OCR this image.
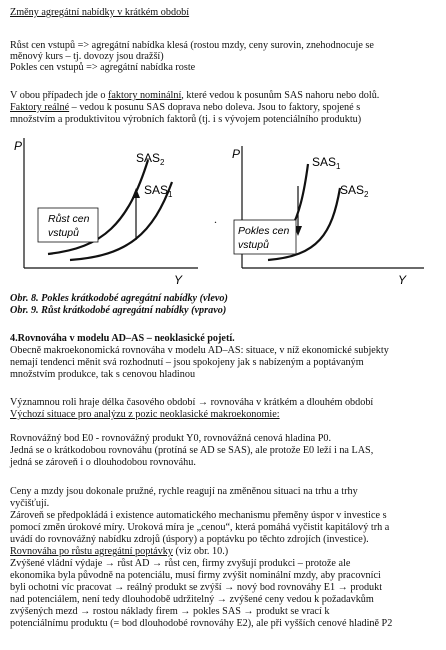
Změny agregátní nabídky v krátkém období
Růst cen vstupů => agregátní nabídka klesá (rostou mzdy, ceny surovin, znehodnocuje se
měnový kurs – tj. dovozy jsou dražší)
Pokles cen vstupů => agregátní nabídka roste
V obou případech jde o faktory nominální, které vedou k posunům SAS nahoru nebo dolů.
Faktory reálné – vedou k posunu SAS doprava nebo doleva. Jsou to faktory, spojené s
množstvím a produktivitou výrobních faktorů (tj. i s vývojem potenciálního produktu)
P
Y
$SAS_2$
$SAS_1$
Růst cen
vstupů
.
P
Y
$SAS_1$
$SAS_2$
Pokles cen
vstupů
Obr. 8. Pokles krátkodobé agregátní nabídky (vlevo)
Obr. 9. Růst krátkodobé agregátní nabídky (vpravo)
4.Rovnováha v modelu AD–AS – neoklasické pojetí.
Obecně makroekonomická rovnováha v modelu AD–AS: situace, v níž ekonomické subjekty
nemají tendenci měnit svá rozhodnutí – jsou spokojeny jak s nabízeným a poptávaným
množstvím produkce, tak s cenovou hladinou
Významnou roli hraje délka časového období → rovnováha v krátkém a dlouhém období
Výchozí situace pro analýzu z pozic neoklasické makroekonomie:
Rovnovážný bod E0 - rovnovážný produkt Y0, rovnovážná cenová hladina P0.
Jedná se o krátkodobou rovnováhu (protíná se AD se SAS), ale protože E0 leží i na LAS,
jedná se zároveň i o dlouhodobou rovnováhu.
Ceny a mzdy jsou dokonale pružné, rychle reagují na změněnou situaci na trhu a trhy
vyčišťují.
Zároveň se předpokládá i existence automatického mechanismu přeměny úspor v investice s
pomocí změn úrokové míry. Uroková míra je „cenou“, která pomáhá vyčistit kapitálový trh a
uvádí do rovnovážný nabídku zdrojů (úspory) a poptávku po těchto zdrojích (investice).
Rovnováha po růstu agregátní poptávky (viz obr. 10.)
Zvýšené vládní výdaje → růst AD → růst cen, firmy zvyšují produkci – protože ale
ekonomika byla původně na potenciálu, musí firmy zvýšit nominální mzdy, aby pracovníci
byli ochotni víc pracovat → reálný produkt se zvýší → nový bod rovnováhy E1 → produkt
nad potenciálem, není tedy dlouhodobě udržitelný → zvýšené ceny vedou k požadavkům
zvýšených mezd → rostou náklady firem → pokles SAS → produkt se vrací k
potenciálnímu produktu (= bod dlouhodobé rovnováhy E2), ale při vyšších cenové hladině P2
